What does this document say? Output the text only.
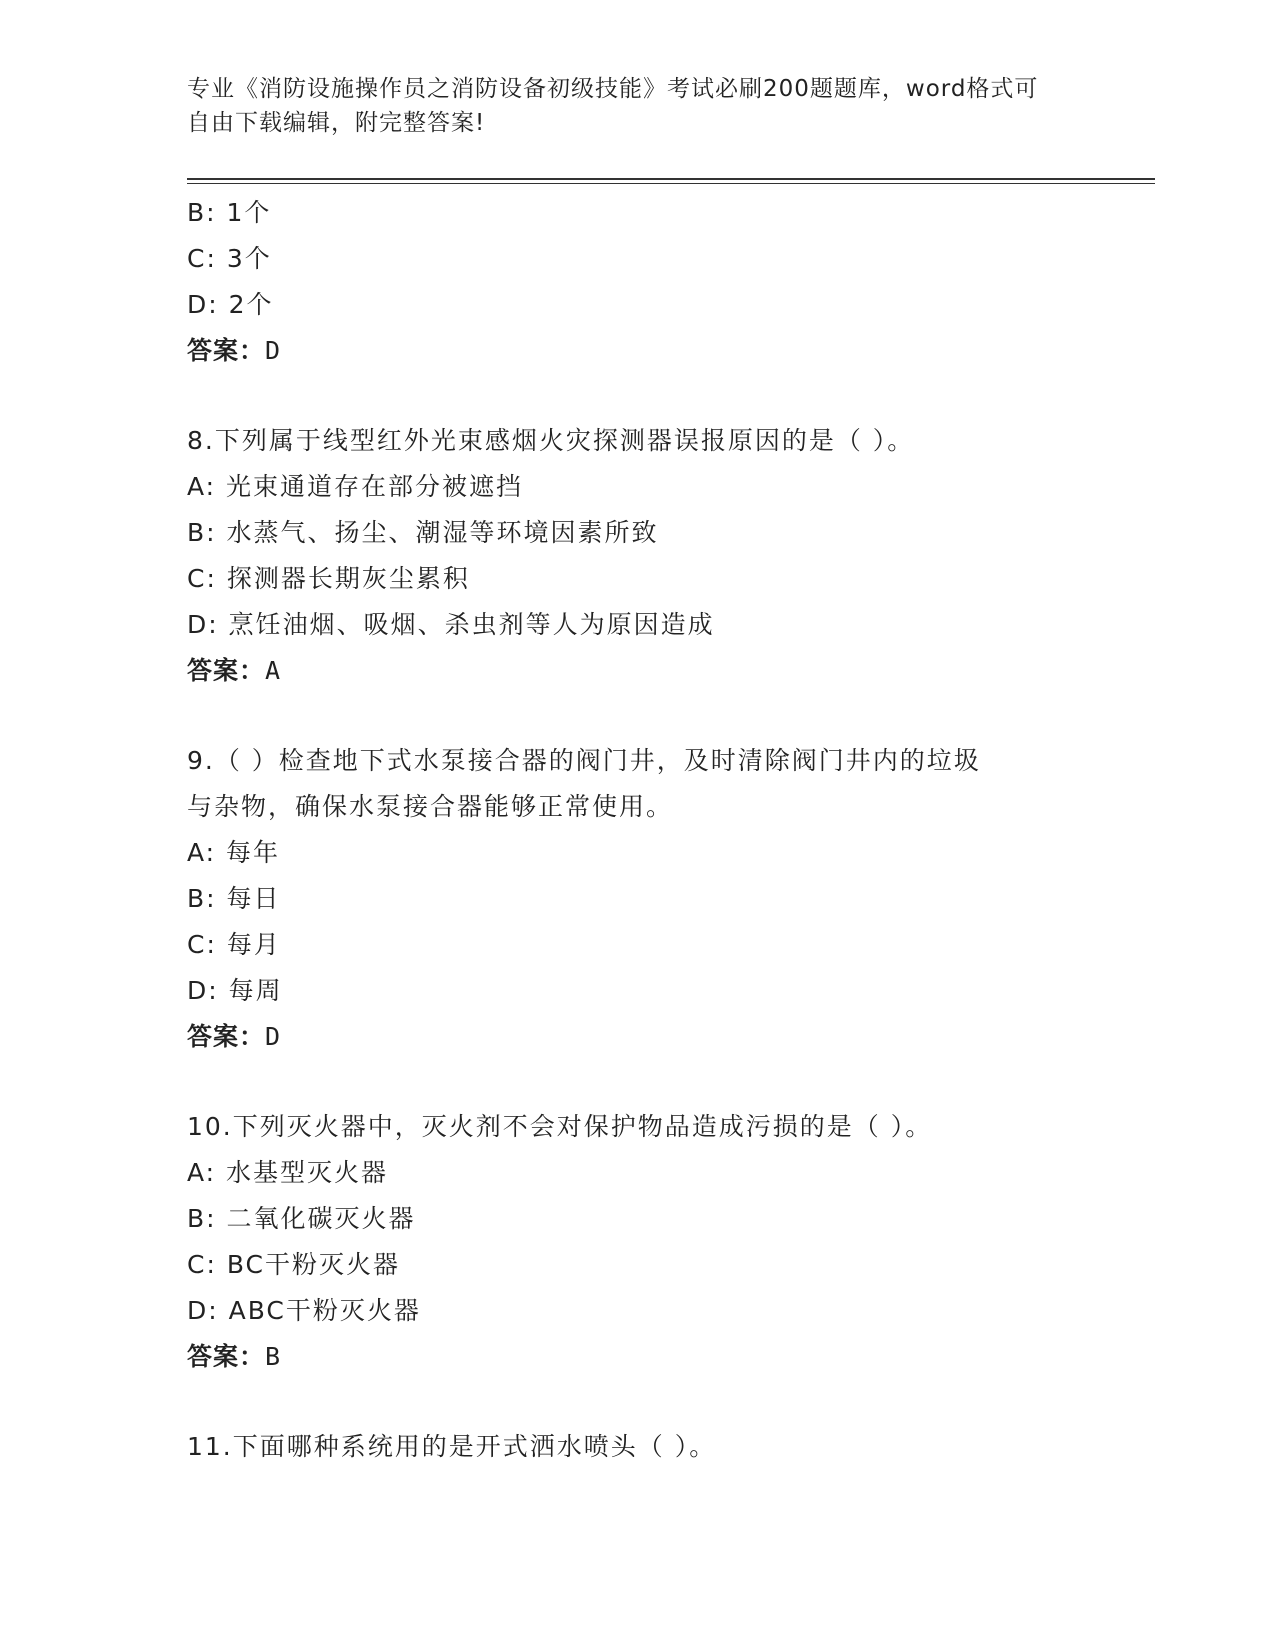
专业《消防设施操作员之消防设备初级技能》考试必刷200题题库，word格式可
自由下载编辑，附完整答案!
B: 1个
C: 3个
D: 2个
答案：D
8.下列属于线型红外光束感烟火灾探测器误报原因的是（ ）。
A: 光束通道存在部分被遮挡
B: 水蒸气、扬尘、潮湿等环境因素所致
C: 探测器长期灰尘累积
D: 烹饪油烟、吸烟、杀虫剂等人为原因造成
答案：A
9.（ ）检查地下式水泵接合器的阀门井，及时清除阀门井内的垃圾
与杂物，确保水泵接合器能够正常使用。
A: 每年
B: 每日
C: 每月
D: 每周
答案：D
10.下列灭火器中，灭火剂不会对保护物品造成污损的是（ ）。
A: 水基型灭火器
B: 二氧化碳灭火器
C: BC干粉灭火器
D: ABC干粉灭火器
答案：B
11.下面哪种系统用的是开式洒水喷头（ ）。
